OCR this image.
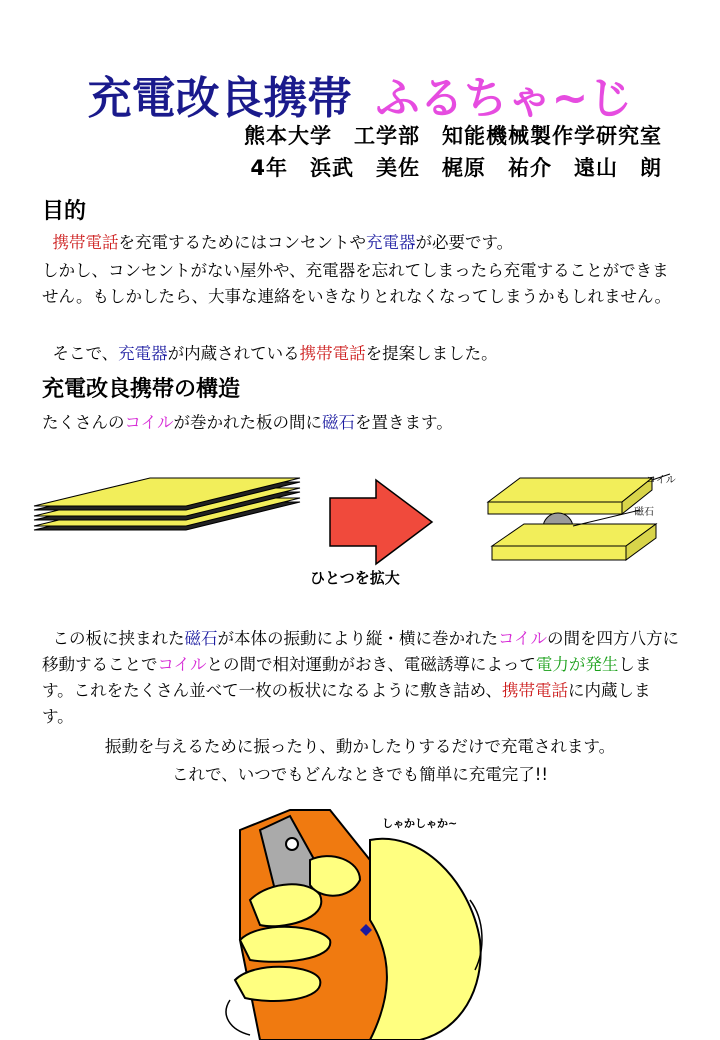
充電改良携帯 ふるちゃ~じ
熊本大学　工学部　知能機械製作学研究室
4年　浜武　美佐　梶原　祐介　遠山　朗
目的
携帯電話を充電するためにはコンセントや充電器が必要です。
しかし、コンセントがない屋外や、充電器を忘れてしまったら充電することができません。もしかしたら、大事な連絡をいきなりとれなくなってしまうかもしれません。
そこで、充電器が内蔵されている携帯電話を提案しました。
充電改良携帯の構造
たくさんのコイルが巻かれた板の間に磁石を置きます。
コイル
磁石
ひとつを拡大
この板に挟まれた磁石が本体の振動により縦・横に巻かれたコイルの間を四方八方に移動することでコイルとの間で相対運動がおき、電磁誘導によって電力が発生します。これをたくさん並べて一枚の板状になるように敷き詰め、携帯電話に内蔵します。
振動を与えるために振ったり、動かしたりするだけで充電されます。
これで、いつでもどんなときでも簡単に充電完了!!
しゃかしゃか~
